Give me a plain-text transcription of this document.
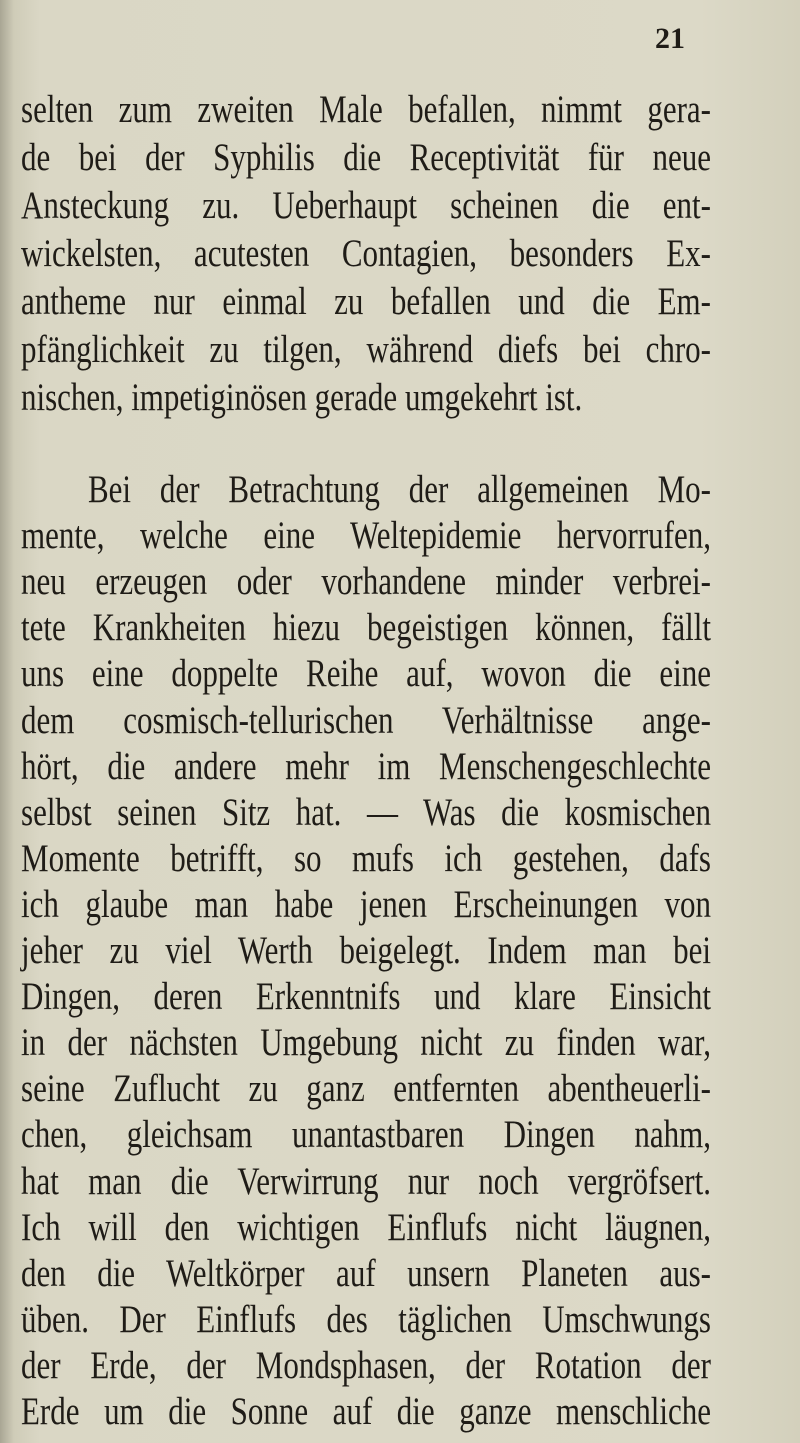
21
selten zum zweiten Male befallen, nimmt gera-
de bei der Syphilis die Receptivität für neue
Ansteckung zu. Ueberhaupt scheinen die ent-
wickelsten, acutesten Contagien, besonders Ex-
antheme nur einmal zu befallen und die Em-
pfänglichkeit zu tilgen, während diefs bei chro-
nischen, impetiginösen gerade umgekehrt ist.
Bei der Betrachtung der allgemeinen Mo-
mente, welche eine Weltepidemie hervorrufen,
neu erzeugen oder vorhandene minder verbrei-
tete Krankheiten hiezu begeistigen können, fällt
uns eine doppelte Reihe auf, wovon die eine
dem cosmisch-tellurischen Verhältnisse ange-
hört, die andere mehr im Menschengeschlechte
selbst seinen Sitz hat. — Was die kosmischen
Momente betrifft, so mufs ich gestehen, dafs
ich glaube man habe jenen Erscheinungen von
jeher zu viel Werth beigelegt. Indem man bei
Dingen, deren Erkenntnifs und klare Einsicht
in der nächsten Umgebung nicht zu finden war,
seine Zuflucht zu ganz entfernten abentheuerli-
chen, gleichsam unantastbaren Dingen nahm,
hat man die Verwirrung nur noch vergröfsert.
Ich will den wichtigen Einflufs nicht läugnen,
den die Weltkörper auf unsern Planeten aus-
üben. Der Einflufs des täglichen Umschwungs
der Erde, der Mondsphasen, der Rotation der
Erde um die Sonne auf die ganze menschliche
